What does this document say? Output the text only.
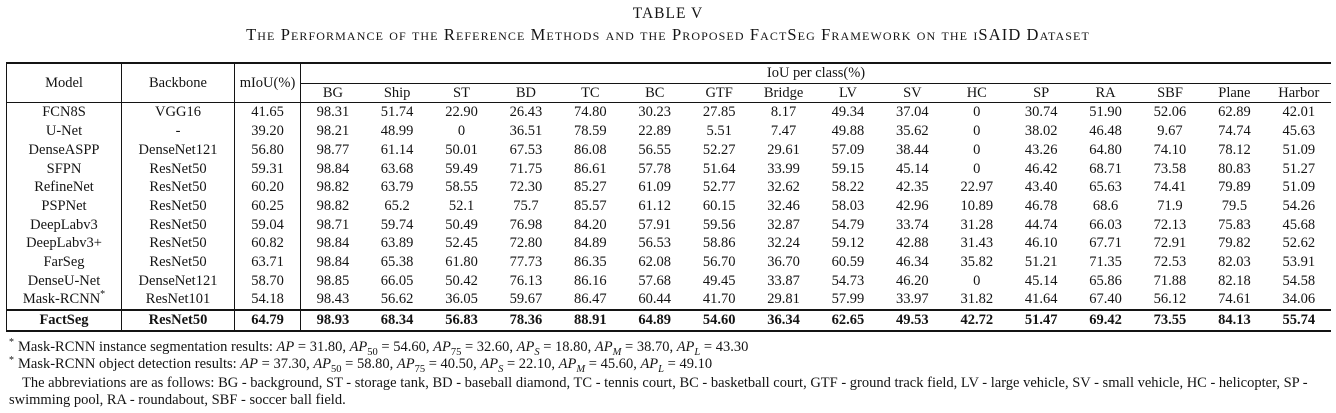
TABLE V
The Performance of the Reference Methods and the Proposed FactSeg Framework on the iSAID Dataset
Model	Backbone	mIoU(%)	IoU per class(%)															
			BG	Ship	ST	BD	TC	BC	GTF	Bridge	LV	SV	HC	SP	RA	SBF	Plane	Harbor
FCN8S	VGG16	41.65	98.31	51.74	22.90	26.43	74.80	30.23	27.85	8.17	49.34	37.04	0	30.74	51.90	52.06	62.89	42.01
U-Net	-	39.20	98.21	48.99	0	36.51	78.59	22.89	5.51	7.47	49.88	35.62	0	38.02	46.48	9.67	74.74	45.63
DenseASPP	DenseNet121	56.80	98.77	61.14	50.01	67.53	86.08	56.55	52.27	29.61	57.09	38.44	0	43.26	64.80	74.10	78.12	51.09
SFPN	ResNet50	59.31	98.84	63.68	59.49	71.75	86.61	57.78	51.64	33.99	59.15	45.14	0	46.42	68.71	73.58	80.83	51.27
RefineNet	ResNet50	60.20	98.82	63.79	58.55	72.30	85.27	61.09	52.77	32.62	58.22	42.35	22.97	43.40	65.63	74.41	79.89	51.09
PSPNet	ResNet50	60.25	98.82	65.2	52.1	75.7	85.57	61.12	60.15	32.46	58.03	42.96	10.89	46.78	68.6	71.9	79.5	54.26
DeepLabv3	ResNet50	59.04	98.71	59.74	50.49	76.98	84.20	57.91	59.56	32.87	54.79	33.74	31.28	44.74	66.03	72.13	75.83	45.68
DeepLabv3+	ResNet50	60.82	98.84	63.89	52.45	72.80	84.89	56.53	58.86	32.24	59.12	42.88	31.43	46.10	67.71	72.91	79.82	52.62
FarSeg	ResNet50	63.71	98.84	65.38	61.80	77.73	86.35	62.08	56.70	36.70	60.59	46.34	35.82	51.21	71.35	72.53	82.03	53.91
DenseU-Net	DenseNet121	58.70	98.85	66.05	50.42	76.13	86.16	57.68	49.45	33.87	54.73	46.20	0	45.14	65.86	71.88	82.18	54.58
Mask-RCNN*	ResNet101	54.18	98.43	56.62	36.05	59.67	86.47	60.44	41.70	29.81	57.99	33.97	31.82	41.64	67.40	56.12	74.61	34.06
FactSeg	ResNet50	64.79	98.93	68.34	56.83	78.36	88.91	64.89	54.60	36.34	62.65	49.53	42.72	51.47	69.42	73.55	84.13	55.74
* Mask-RCNN instance segmentation results: AP = 31.80, $AP_{50} = 54.60$, $AP_{75} = 32.60$, $AP_S = 18.80$, $AP_M = 38.70$, $AP_L = 43.30$
* Mask-RCNN object detection results: AP = 37.30, $AP_{50} = 58.80$, $AP_{75} = 40.50$, $AP_S = 22.10$, $AP_M = 45.60$, $AP_L = 49.10$
The abbreviations are as follows: BG - background, ST - storage tank, BD - baseball diamond, TC - tennis court, BC - basketball court, GTF - ground track field, LV - large vehicle, SV - small vehicle, HC - helicopter, SP - swimming pool, RA - roundabout, SBF - soccer ball field.
